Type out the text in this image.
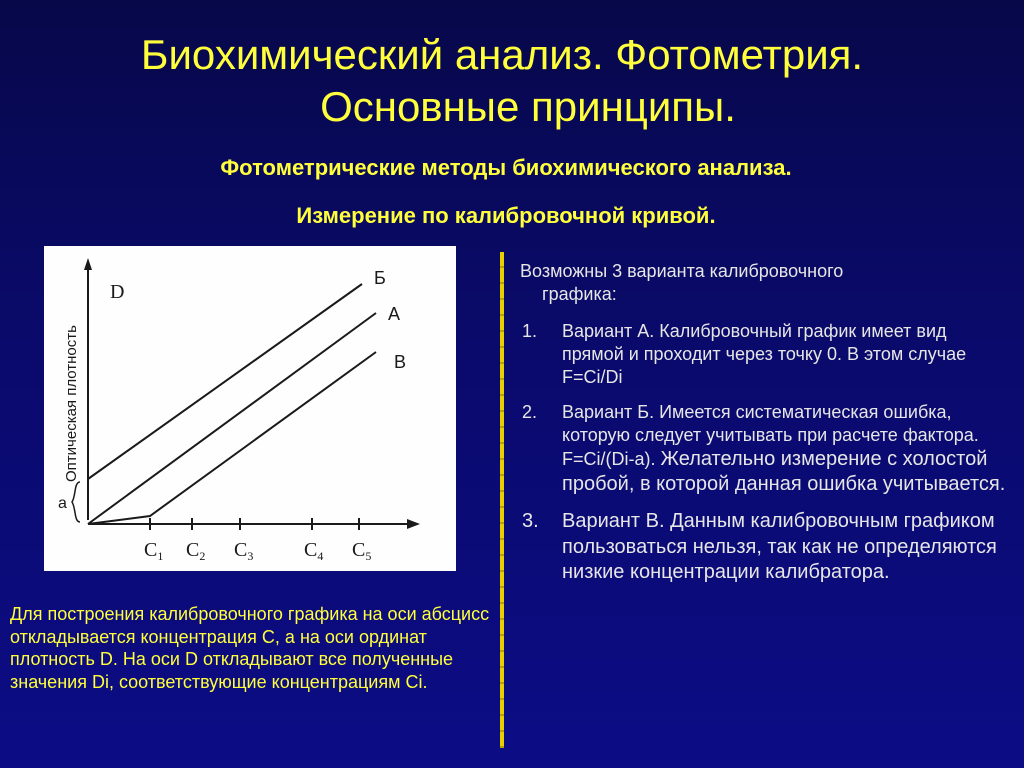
Биохимический анализ. Фотометрия.
Основные принципы.
Фотометрические методы биохимического анализа.
Измерение по калибровочной кривой.
D
а
Б
А
В
Оптическая плотность
$C_1$ $C_2$ $C_3$	$C_4$ $C_5$

Для построения калибровочного графика на оси абсцисс откладывается концентрация С, а на оси ординат плотность D. На оси D откладывают все полученные значения Di, соответствующие концентрациям Ci.

Возможны 3 варианта калибровочного
графика:

1. Вариант А. Калибровочный график имеет вид прямой и проходит через точку 0. В этом случае F=Ci/Di
2. Вариант Б. Имеется систематическая ошибка, которую следует учитывать при расчете фактора. F=Ci/(Di-a). Желательно измерение с холостой пробой, в которой данная ошибка учитывается.
3. Вариант В. Данным калибровочным графиком пользоваться нельзя, так как не определяются низкие концентрации калибратора.
